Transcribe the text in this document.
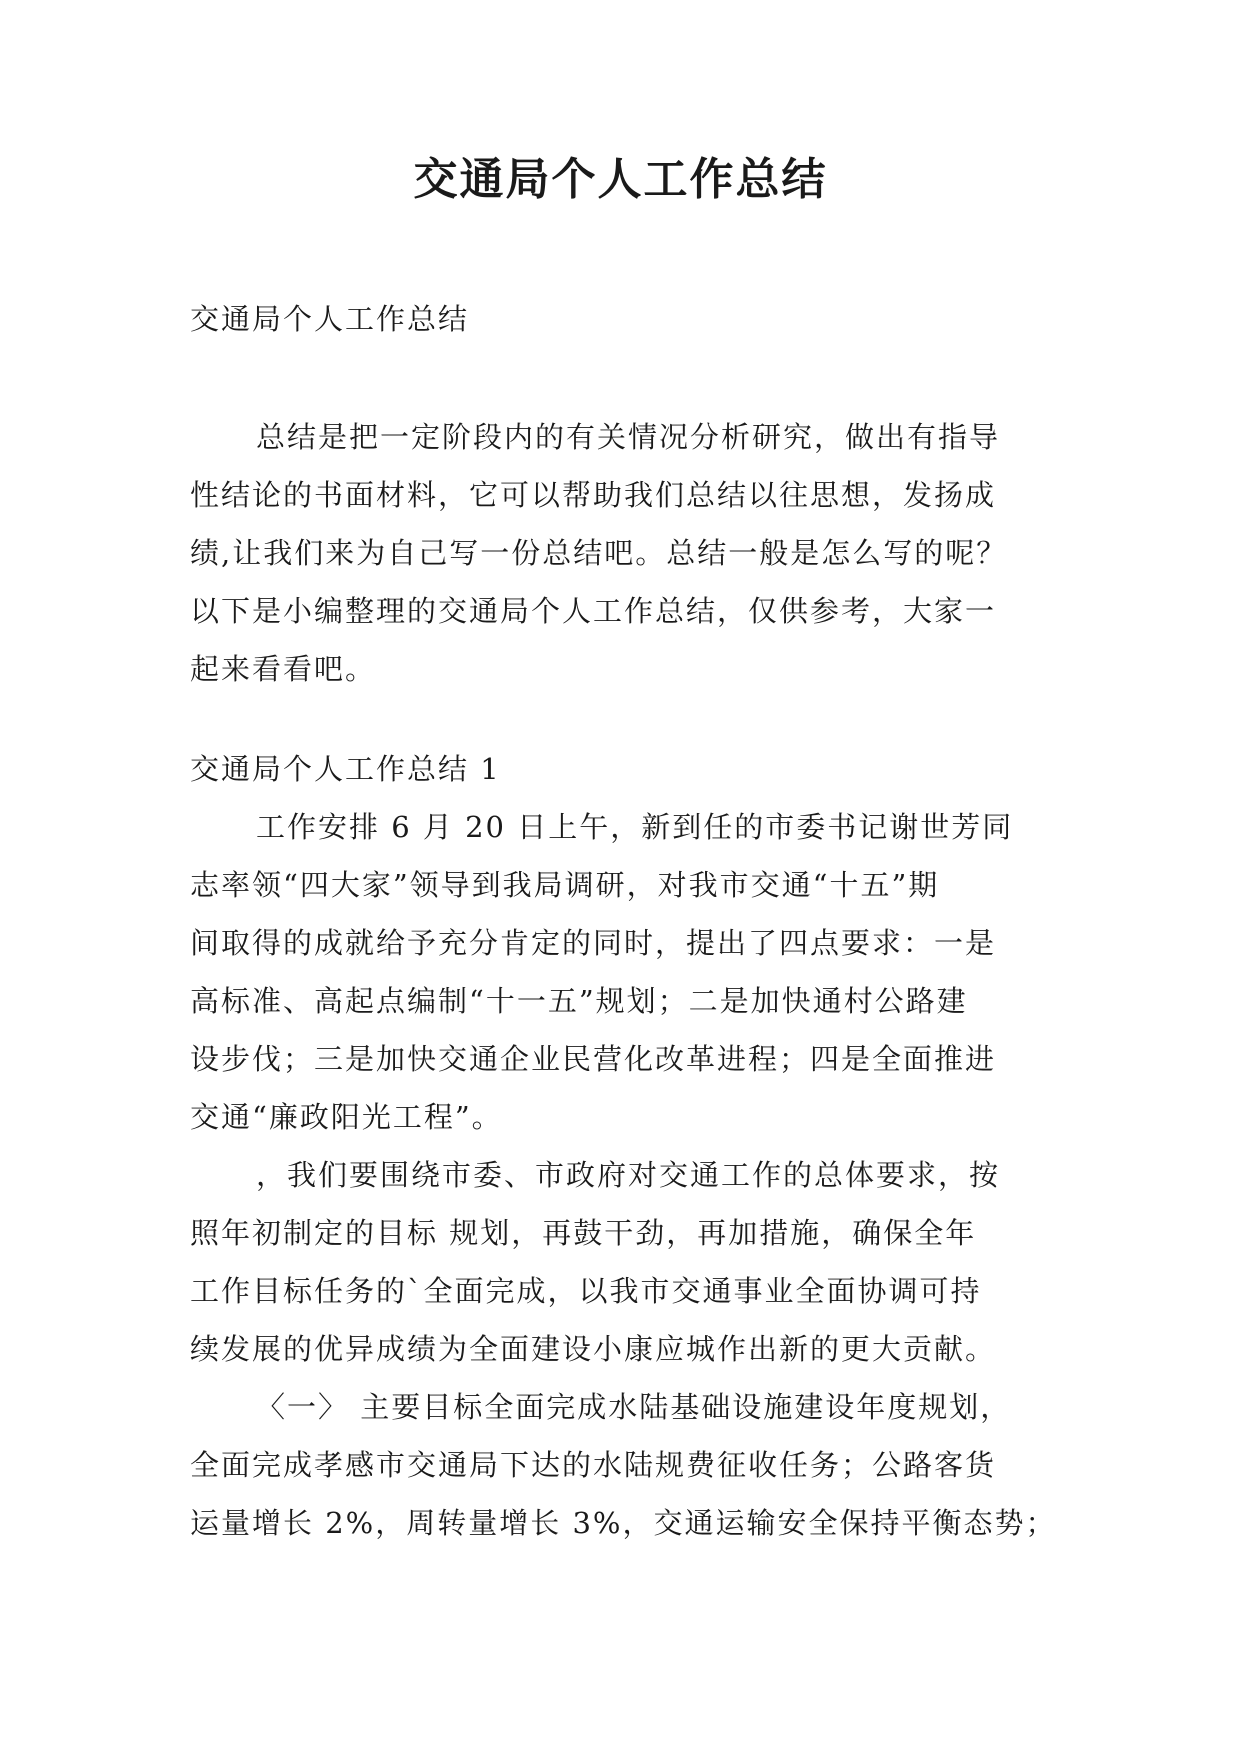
交通局个人工作总结

交通局个人工作总结

总结是把一定阶段内的有关情况分析研究，做出有指导

性结论的书面材料，它可以帮助我们总结以往思想，发扬成

绩,让我们来为自己写一份总结吧。总结一般是怎么写的呢？

以下是小编整理的交通局个人工作总结，仅供参考，大家一

起来看看吧。

交通局个人工作总结 1

工作安排 6 月 20 日上午，新到任的市委书记谢世芳同

志率领“四大家”领导到我局调研，对我市交通“十五”期

间取得的成就给予充分肯定的同时，提出了四点要求：一是

高标准、高起点编制“十一五”规划；二是加快通村公路建

设步伐；三是加快交通企业民营化改革进程；四是全面推进

交通“廉政阳光工程”。

，我们要围绕市委、市政府对交通工作的总体要求，按

照年初制定的目标 规划，再鼓干劲，再加措施，确保全年

工作目标任务的`全面完成，以我市交通事业全面协调可持

续发展的优异成绩为全面建设小康应城作出新的更大贡献。

〈一〉 主要目标全面完成水陆基础设施建设年度规划，

全面完成孝感市交通局下达的水陆规费征收任务；公路客货

运量增长 2%，周转量增长 3%，交通运输安全保持平衡态势；
